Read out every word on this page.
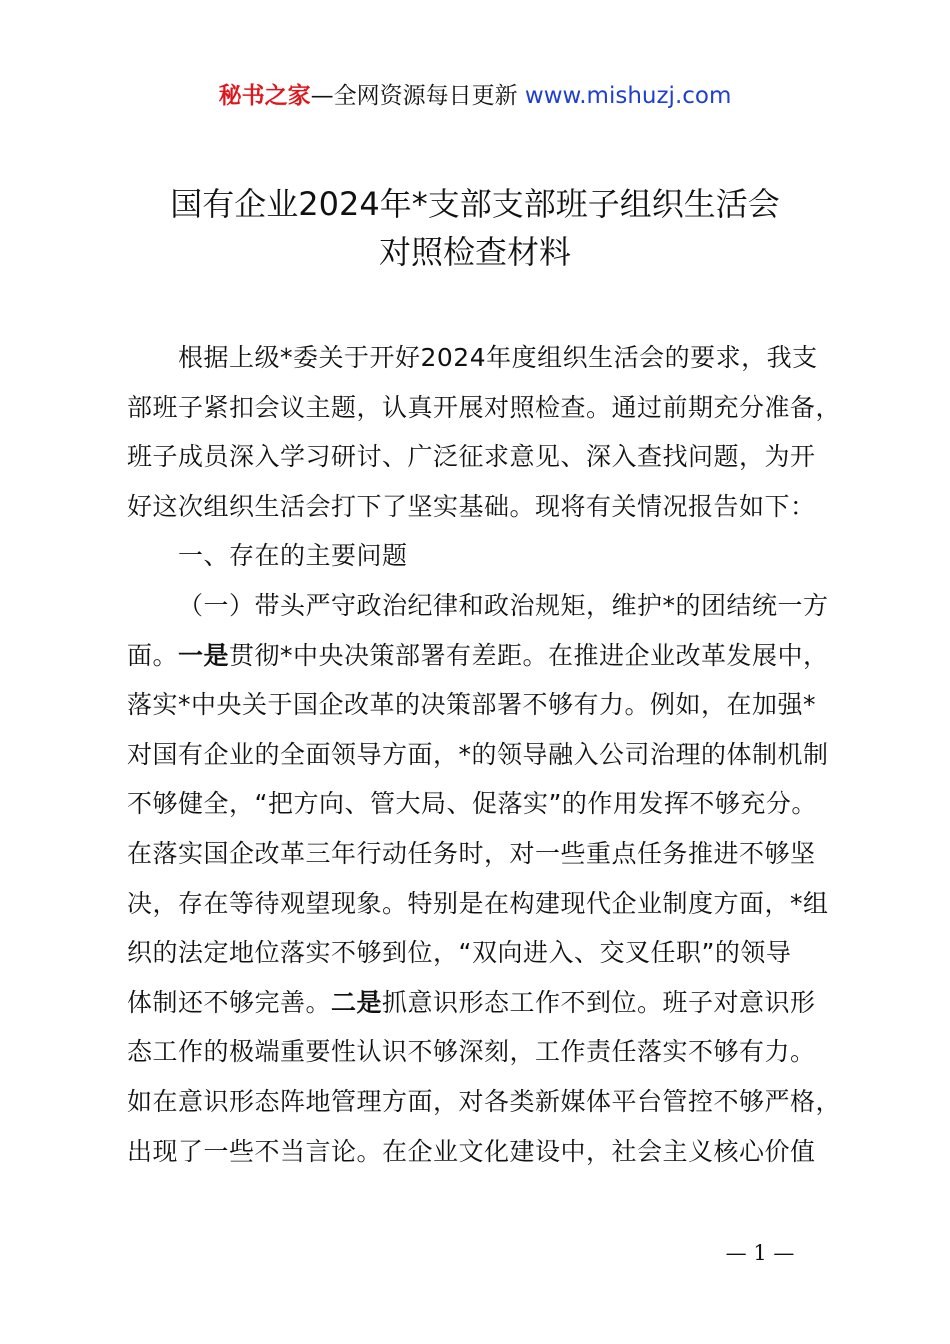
秘书之家—全网资源每日更新 www.mishuzj.com
国有企业2024年*支部支部班子组织生活会
对照检查材料
根据上级*委关于开好2024年度组织生活会的要求，我支
部班子紧扣会议主题，认真开展对照检查。通过前期充分准备，
班子成员深入学习研讨、广泛征求意见、深入查找问题，为开
好这次组织生活会打下了坚实基础。现将有关情况报告如下：
一、存在的主要问题
（一）带头严守政治纪律和政治规矩，维护*的团结统一方
面。一是贯彻*中央决策部署有差距。在推进企业改革发展中，
落实*中央关于国企改革的决策部署不够有力。例如，在加强*
对国有企业的全面领导方面，*的领导融入公司治理的体制机制
不够健全，“把方向、管大局、促落实”的作用发挥不够充分。
在落实国企改革三年行动任务时，对一些重点任务推进不够坚
决，存在等待观望现象。特别是在构建现代企业制度方面，*组
织的法定地位落实不够到位，“双向进入、交叉任职”的领导
体制还不够完善。二是抓意识形态工作不到位。班子对意识形
态工作的极端重要性认识不够深刻，工作责任落实不够有力。
如在意识形态阵地管理方面，对各类新媒体平台管控不够严格，
出现了一些不当言论。在企业文化建设中，社会主义核心价值
— 1 —
